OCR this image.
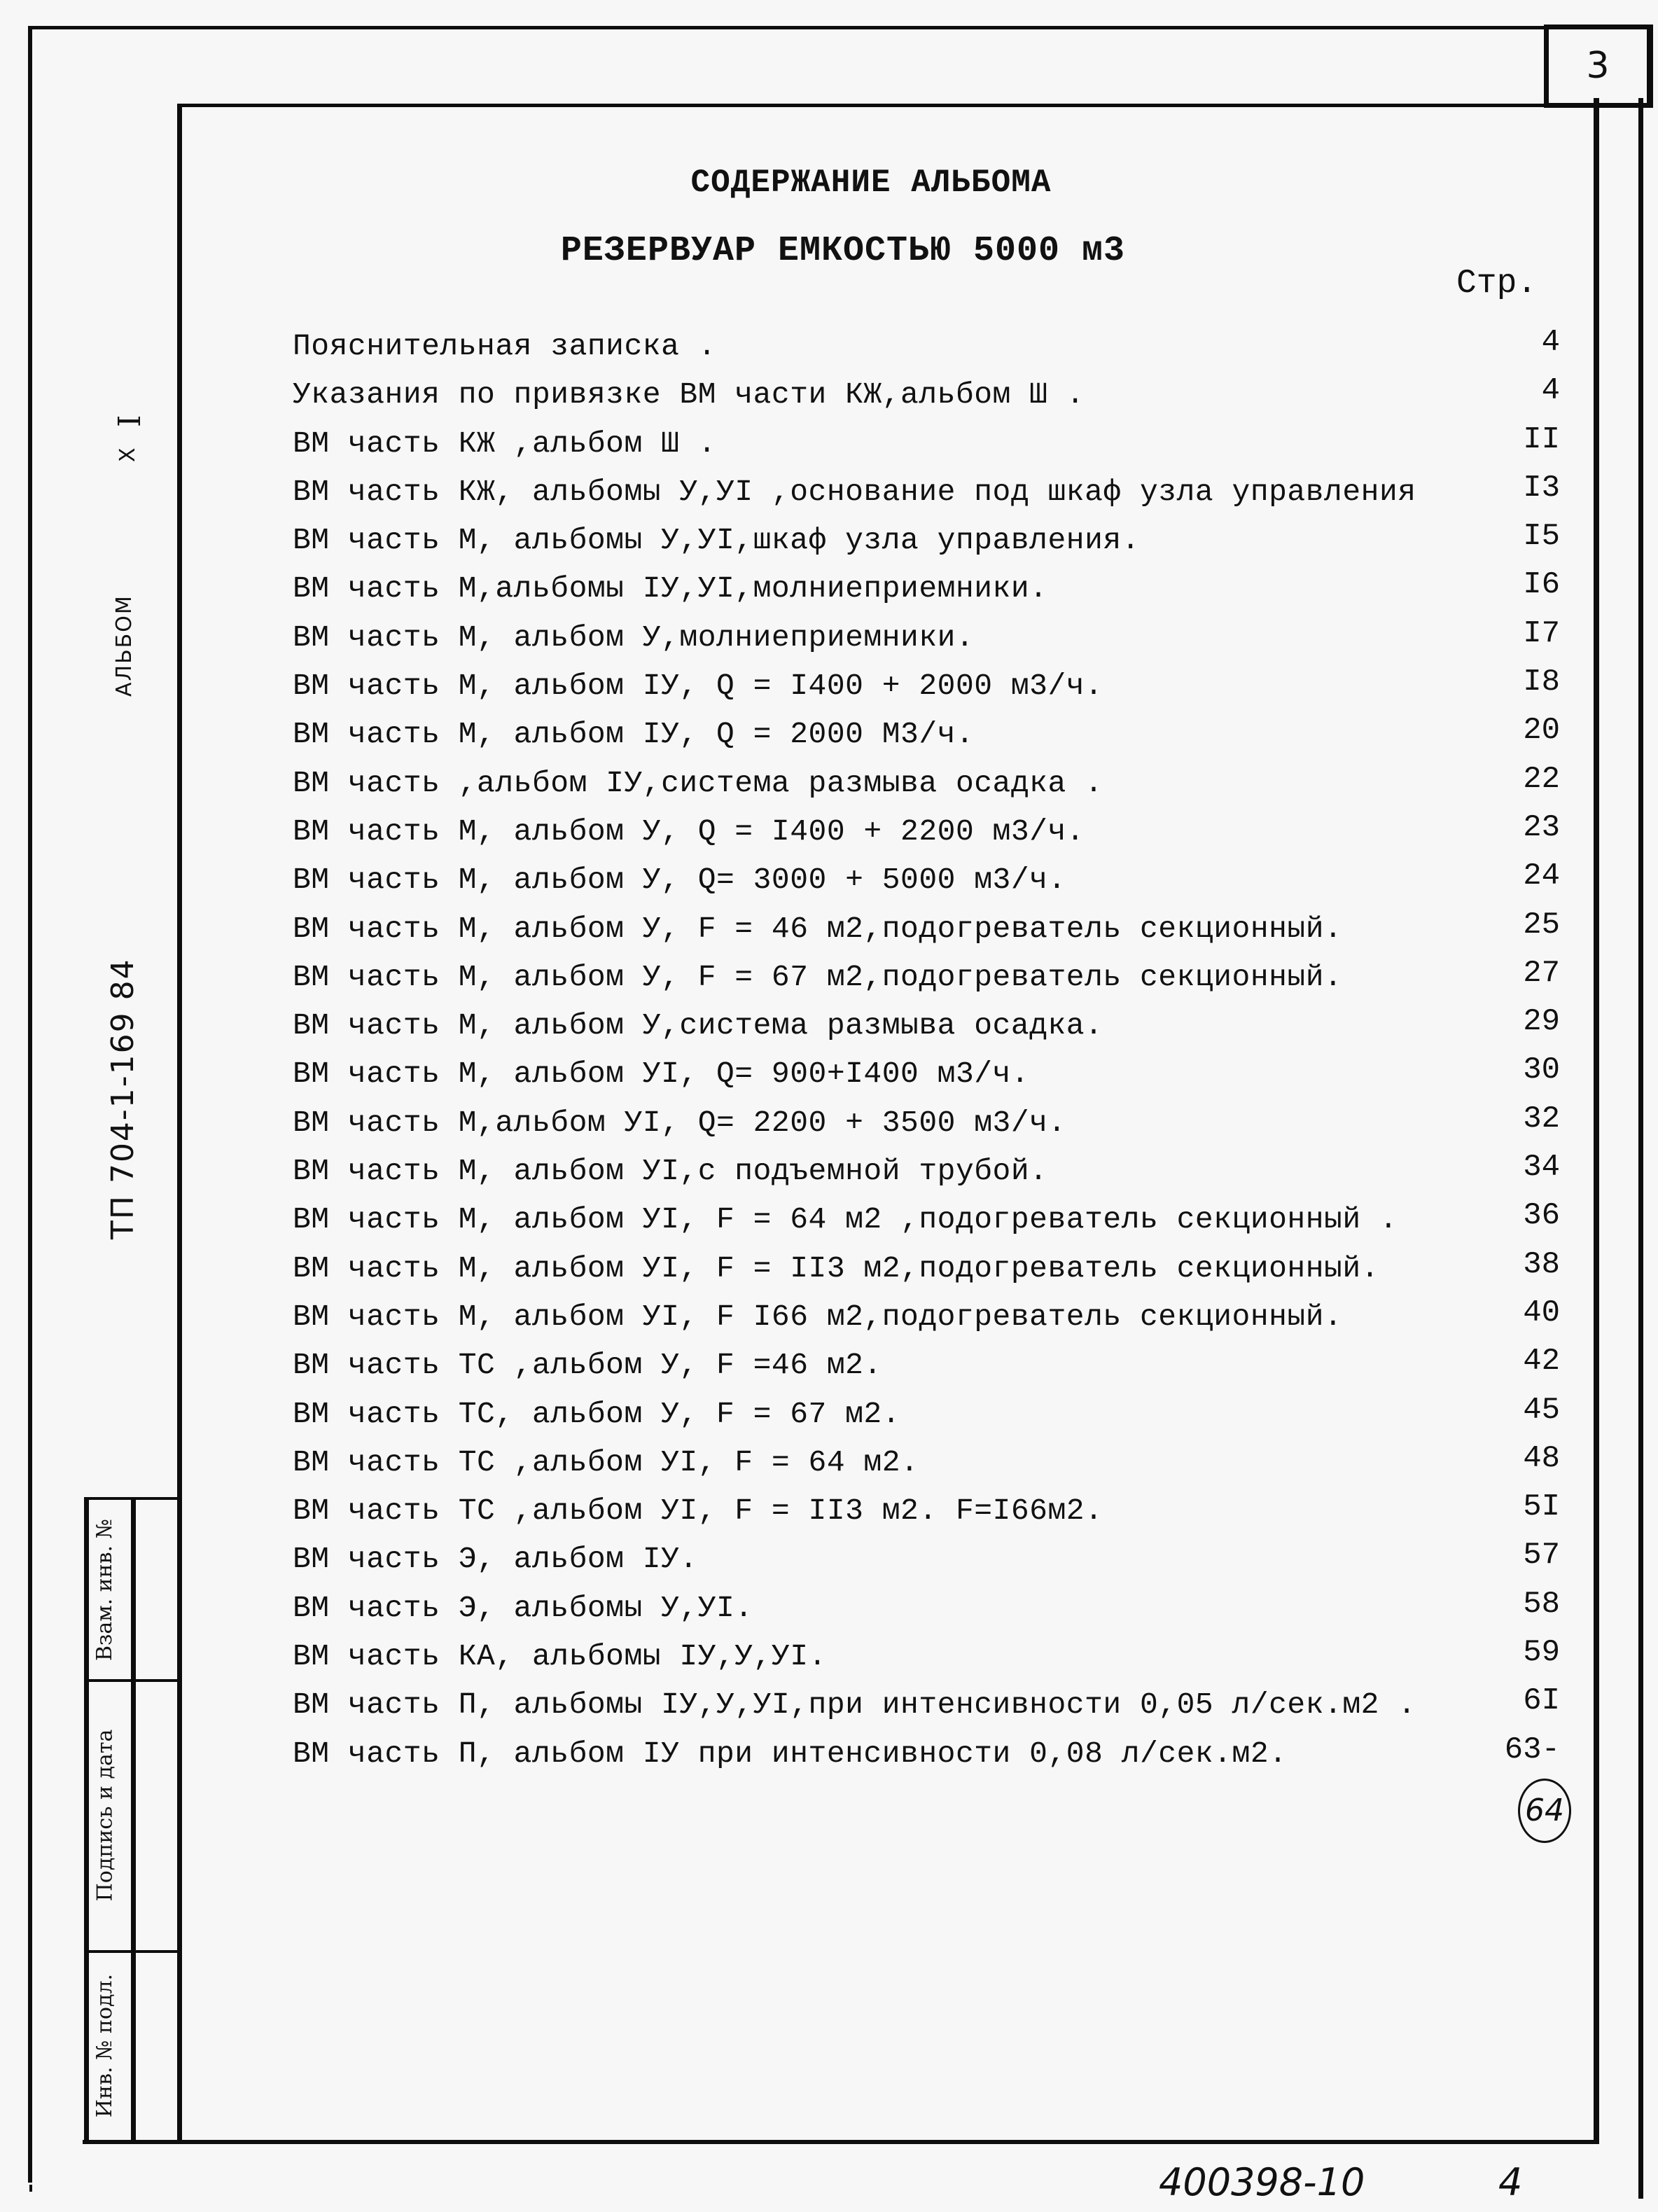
3
АЛЬБОМ
X
I
ТП 704-1-169 84
Взам. инв. №
Подпись и дата
Инв. № подл.
СОДЕРЖАНИЕ АЛЬБОМА
РЕЗЕРВУАР ЕМКОСТЬЮ 5000 м3
Стр.
Пояснительная записка .	4
Указания по привязке ВМ части КЖ,альбом Ш .	4
ВМ часть КЖ ,альбом Ш .	II
ВМ часть КЖ, альбомы У,УI ,основание под шкаф узла управления	I3
ВМ часть М, альбомы У,УI,шкаф узла управления.	I5
ВМ часть М,альбомы IУ,УI,молниеприемники.	I6
ВМ часть М, альбом У,молниеприемники.	I7
ВМ часть М, альбом IУ, Q = I400 + 2000 м3/ч.	I8
ВМ часть М, альбом IУ, Q = 2000 М3/ч.	20
ВМ часть ,альбом IУ,система размыва осадка .	22
ВМ часть М, альбом У, Q = I400 + 2200 м3/ч.	23
ВМ часть М, альбом У, Q= 3000 + 5000 м3/ч.	24
ВМ часть М, альбом У, F = 46 м2,подогреватель секционный.	25
ВМ часть М, альбом У, F = 67 м2,подогреватель секционный.	27
ВМ часть М, альбом У,система размыва осадка.	29
ВМ часть М, альбом УI, Q= 900+I400 м3/ч.	30
ВМ часть М,альбом УI, Q= 2200 + 3500 м3/ч.	32
ВМ часть М, альбом УI,с подъемной трубой.	34
ВМ часть М, альбом УI, F = 64 м2 ,подогреватель секционный .	36
ВМ часть М, альбом УI, F = II3 м2,подогреватель секционный.	38
ВМ часть М, альбом УI, F I66 м2,подогреватель секционный.	40
ВМ часть ТС ,альбом У, F =46 м2.	42
ВМ часть ТС, альбом У, F = 67 м2.	45
ВМ часть ТС ,альбом УI, F = 64 м2.	48
ВМ часть ТС ,альбом УI, F = II3 м2. F=I66м2.	5I
ВМ часть Э, альбом IУ.	57
ВМ часть Э, альбомы У,УI.	58
ВМ часть КА, альбомы IУ,У,УI.	59
ВМ часть П, альбомы IУ,У,УI,при интенсивности 0,05 л/сек.м2 .	6I
ВМ часть П, альбом IУ при интенсивности 0,08 л/сек.м2.	63-
64
400398-10	4
